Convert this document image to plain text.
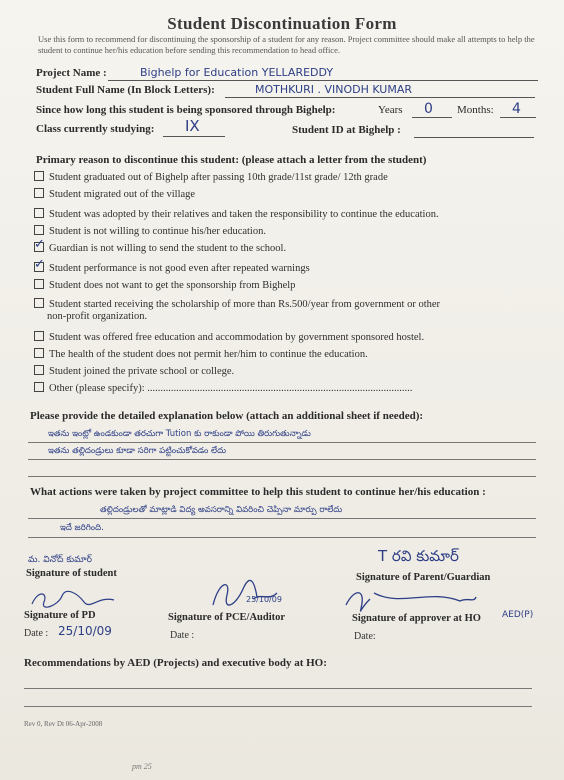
Student Discontinuation Form
Use this form to recommend for discontinuing the sponsorship of a student for any reason. Project committee should make all attempts to help the student to continue her/his education before sending this recommendation to head office.
Project Name :	Bighelp for Education YELLAREDDY
Student Full Name (In Block Letters):	MOTHKURI . VINODH KUMAR
Since how long this student is being sponsored through Bighelp:	Years 0 Months: 4
Class currently studying: IX	Student ID at Bighelp :
Primary reason to discontinue this student: (please attach a letter from the student)
Student graduated out of Bighelp after passing 10th grade/11st grade/ 12th grade
Student migrated out of the village
Student was adopted by their relatives and taken the responsibility to continue the education.
Student is not willing to continue his/her education.
✓ Guardian is not willing to send the student to the school.
✓ Student performance is not good even after repeated warnings
Student does not want to get the sponsorship from Bighelp
Student started receiving the scholarship of more than Rs.500/year from government or other
non-profit organization.
Student was offered free education and accommodation by government sponsored hostel.
The health of the student does not permit her/him to continue the education.
Student joined the private school or college.
Other (please specify): .....................................................................................................
Please provide the detailed explanation below (attach an additional sheet if needed):
ఇతను ఇంట్లో ఉండకుండా తరచుగా Tution కు రాకుండా పోయి తిరుగుతున్నాడు
ఇతను తల్లిదండ్రులు కూడా సరిగా పట్టించుకోవడం లేదు
What actions were taken by project committee to help this student to continue her/his education :
తల్లిదండ్రులతో మాట్లాడి విద్య అవసరాన్ని వివరించి చెప్పినా మార్పు రాలేదు
ఇదే జరిగింది.
మ. వినోద్ కుమార్
Signature of student
T రవి కుమార్
Signature of Parent/Guardian
25/10/09
Signature of PD	Signature of PCE/Auditor	Signature of approver at HO AED(P)
Date : 25/10/09	Date :	Date:
Recommendations by AED (Projects) and executive body at HO:
Rev 0, Rev Dt 06-Apr-2008
pm 25
